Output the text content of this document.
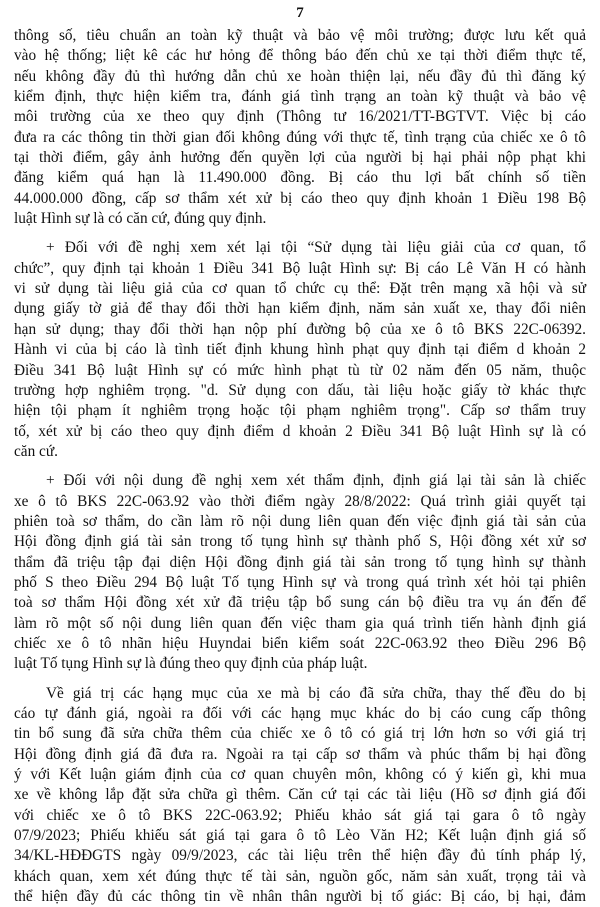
7

thông số, tiêu chuẩn an toàn kỹ thuật và bảo vệ môi trường; được lưu kết quả
vào hệ thống; liệt kê các hư hỏng để thông báo đến chủ xe tại thời điểm thực tế,
nếu không đầy đủ thì hướng dẫn chủ xe hoàn thiện lại, nếu đầy đủ thì đăng ký
kiểm định, thực hiện kiểm tra, đánh giá tình trạng an toàn kỹ thuật và bảo vệ
môi trường của xe theo quy định (Thông tư 16/2021/TT-BGTVT. Việc bị cáo
đưa ra các thông tin thời gian đối không đúng với thực tế, tình trạng của chiếc xe ô tô
tại thời điểm, gây ảnh hưởng đến quyền lợi của người bị hại phải nộp phạt khi
đăng kiểm quá hạn là 11.490.000 đồng. Bị cáo thu lợi bất chính số tiền
44.000.000 đồng, cấp sơ thẩm xét xử bị cáo theo quy định khoản 1 Điều 198 Bộ
luật Hình sự là có căn cứ, đúng quy định.

+ Đối với đề nghị xem xét lại tội “Sử dụng tài liệu giải của cơ quan, tổ
chức”, quy định tại khoản 1 Điều 341 Bộ luật Hình sự: Bị cáo Lê Văn H có hành
vi sử dụng tài liệu giả của cơ quan tổ chức cụ thể: Đặt trên mạng xã hội và sử
dụng giấy tờ giả để thay đổi thời hạn kiểm định, năm sản xuất xe, thay đổi niên
hạn sử dụng; thay đổi thời hạn nộp phí đường bộ của xe ô tô BKS 22C-06392.
Hành vi của bị cáo là tình tiết định khung hình phạt quy định tại điểm d khoản 2
Điều 341 Bộ luật Hình sự có mức hình phạt tù từ 02 năm đến 05 năm, thuộc
trường hợp nghiêm trọng. "d. Sử dụng con dấu, tài liệu hoặc giấy tờ khác thực
hiện tội phạm ít nghiêm trọng hoặc tội phạm nghiêm trọng". Cấp sơ thẩm truy
tố, xét xử bị cáo theo quy định điểm d khoản 2 Điều 341 Bộ luật Hình sự là có
căn cứ.

+ Đối với nội dung đề nghị xem xét thẩm định, định giá lại tài sản là chiếc
xe ô tô BKS 22C-063.92 vào thời điểm ngày 28/8/2022: Quá trình giải quyết tại
phiên toà sơ thẩm, do cần làm rõ nội dung liên quan đến việc định giá tài sản của
Hội đồng định giá tài sản trong tố tụng hình sự thành phố S, Hội đồng xét xử sơ
thẩm đã triệu tập đại diện Hội đồng định giá tài sản trong tố tụng hình sự thành
phố S theo Điều 294 Bộ luật Tố tụng Hình sự và trong quá trình xét hỏi tại phiên
toà sơ thẩm Hội đồng xét xử đã triệu tập bổ sung cán bộ điều tra vụ án đến để
làm rõ một số nội dung liên quan đến việc tham gia quá trình tiến hành định giá
chiếc xe ô tô nhãn hiệu Huyndai biển kiểm soát 22C-063.92 theo Điều 296 Bộ
luật Tố tụng Hình sự là đúng theo quy định của pháp luật.

Về giá trị các hạng mục của xe mà bị cáo đã sửa chữa, thay thế đều do bị
cáo tự đánh giá, ngoài ra đối với các hạng mục khác do bị cáo cung cấp thông
tin bổ sung đã sửa chữa thêm của chiếc xe ô tô có giá trị lớn hơn so với giá trị
Hội đồng định giá đã đưa ra. Ngoài ra tại cấp sơ thẩm và phúc thẩm bị hại đồng
ý với Kết luận giám định của cơ quan chuyên môn, không có ý kiến gì, khi mua
xe về không lắp đặt sửa chữa gì thêm. Căn cứ tại các tài liệu (Hồ sơ định giá đối
với chiếc xe ô tô BKS 22C-063.92; Phiếu khảo sát giá tại gara ô tô ngày
07/9/2023; Phiếu khiếu sát giá tại gara ô tô Lèo Văn H2; Kết luận định giá số
34/KL-HĐĐGTS ngày 09/9/2023, các tài liệu trên thể hiện đầy đủ tính pháp lý,
khách quan, xem xét đúng thực tế tài sản, nguồn gốc, năm sản xuất, trọng tải và
thể hiện đầy đủ các thông tin về nhân thân người bị tố giác: Bị cáo, bị hại, đảm
